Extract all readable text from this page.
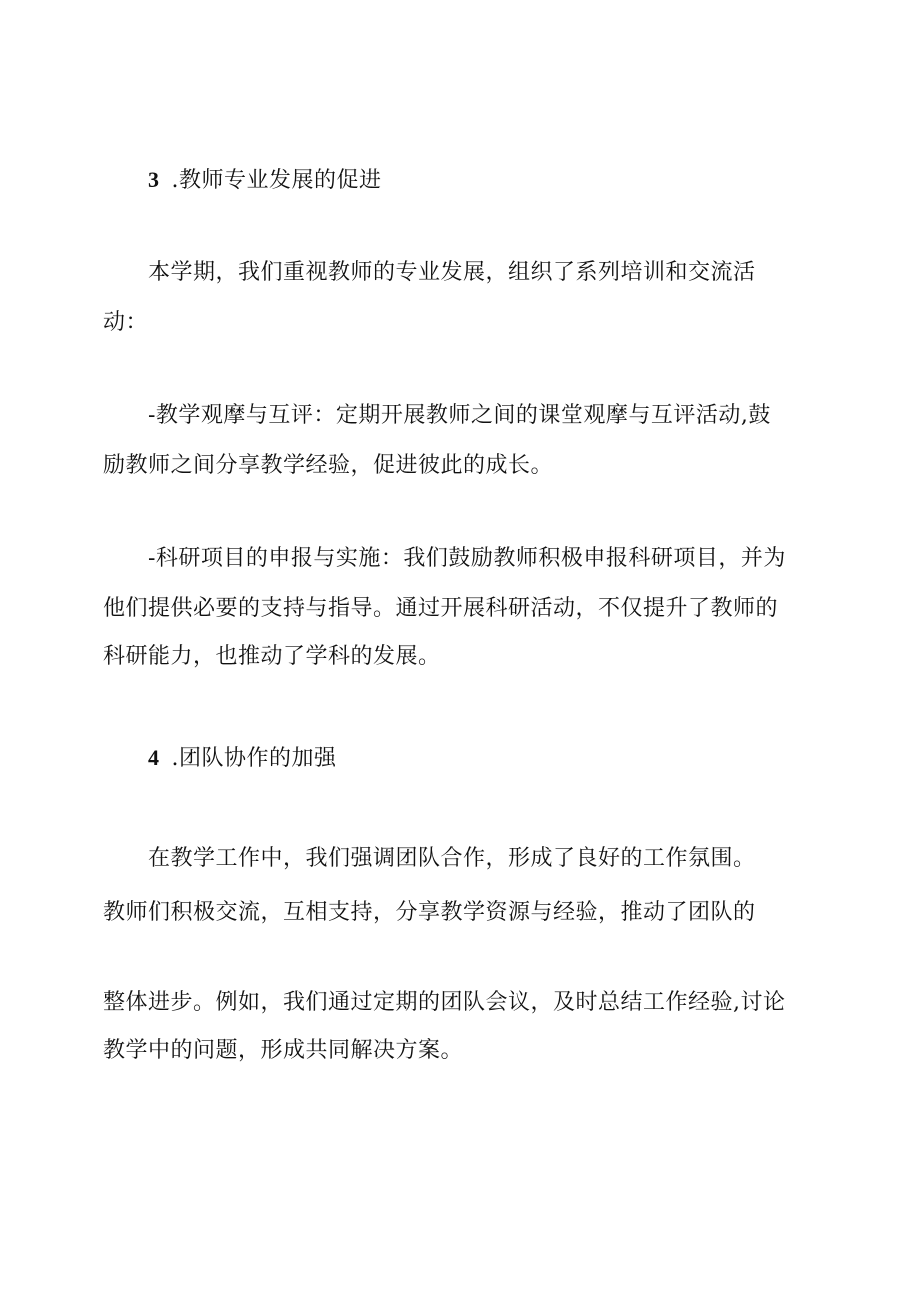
3 .教师专业发展的促进
本学期，我们重视教师的专业发展，组织了系列培训和交流活
动：
-教学观摩与互评：定期开展教师之间的课堂观摩与互评活动,鼓
励教师之间分享教学经验，促进彼此的成长。
-科研项目的申报与实施：我们鼓励教师积极申报科研项目，并为
他们提供必要的支持与指导。通过开展科研活动，不仅提升了教师的
科研能力，也推动了学科的发展。
4 .团队协作的加强
在教学工作中，我们强调团队合作，形成了良好的工作氛围。
教师们积极交流，互相支持，分享教学资源与经验，推动了团队的
整体进步。例如，我们通过定期的团队会议，及时总结工作经验,讨论
教学中的问题，形成共同解决方案。
